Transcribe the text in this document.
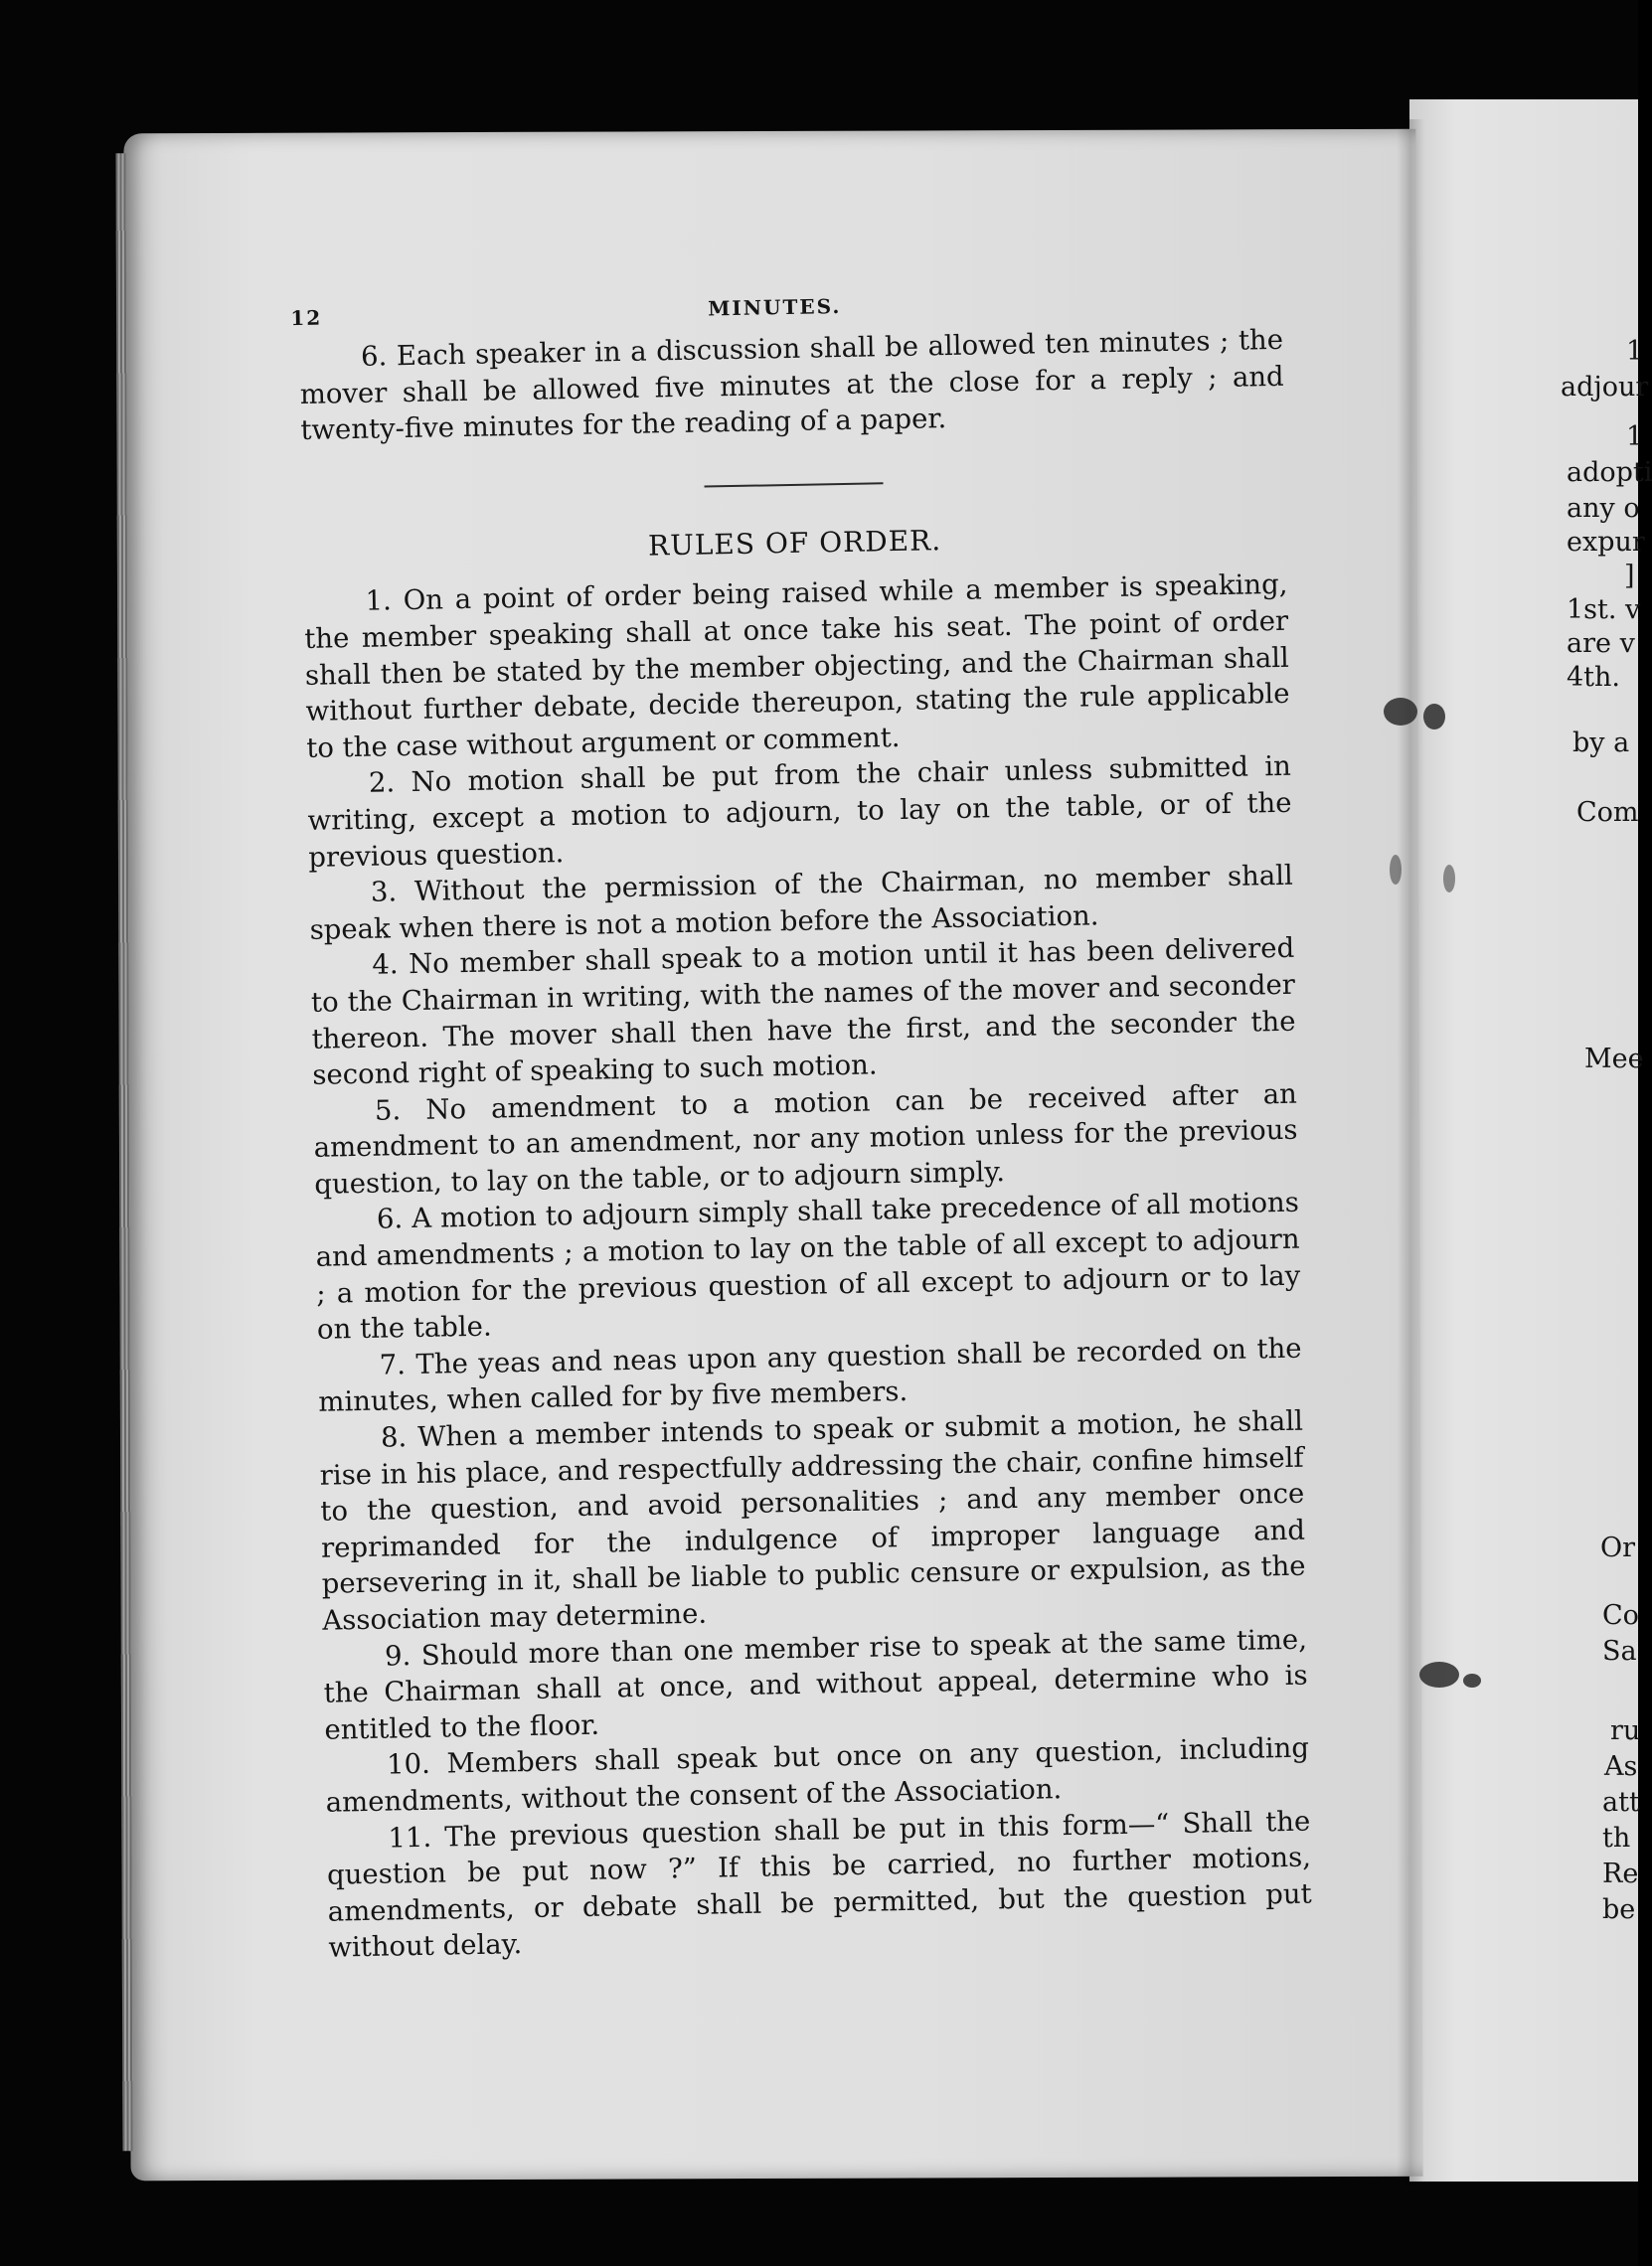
12	MINUTES.

6. Each speaker in a discussion shall be allowed ten minutes ; the mover shall be allowed five minutes at the close for a reply ; and twenty-five minutes for the reading of a paper.

RULES OF ORDER.

1. On a point of order being raised while a member is speaking, the member speaking shall at once take his seat. The point of order shall then be stated by the member objecting, and the Chairman shall without further debate, decide thereupon, stating the rule applicable to the case without argument or comment.

2. No motion shall be put from the chair unless submitted in writing, except a motion to adjourn, to lay on the table, or of the previous question.

3. Without the permission of the Chairman, no member shall speak when there is not a motion before the Association.

4. No member shall speak to a motion until it has been delivered to the Chairman in writing, with the names of the mover and seconder thereon. The mover shall then have the first, and the seconder the second right of speaking to such motion.

5. No amendment to a motion can be received after an amendment to an amendment, nor any motion unless for the previous question, to lay on the table, or to adjourn simply.

6. A motion to adjourn simply shall take precedence of all motions and amendments ; a motion to lay on the table of all except to adjourn ; a motion for the previous question of all except to adjourn or to lay on the table.

7. The yeas and neas upon any question shall be recorded on the minutes, when called for by five members.

8. When a member intends to speak or submit a motion, he shall rise in his place, and respectfully addressing the chair, confine himself to the question, and avoid personalities ; and any member once reprimanded for the indulgence of improper language and persevering in it, shall be liable to public censure or expulsion, as the Association may determine.

9. Should more than one member rise to speak at the same time, the Chairman shall at once, and without appeal, determine who is entitled to the floor.

10. Members shall speak but once on any question, including amendments, without the consent of the Association.

11. The previous question shall be put in this form—“ Shall the question be put now ?” If this be carried, no further motions, amendments, or debate shall be permitted, but the question put without delay.

1
adjour
1
adopti
any o
expur
]
1st. v
are v
4th.
by a
Com
Mee
Or
Co
Sa
ru
As
att
th
Re
be
